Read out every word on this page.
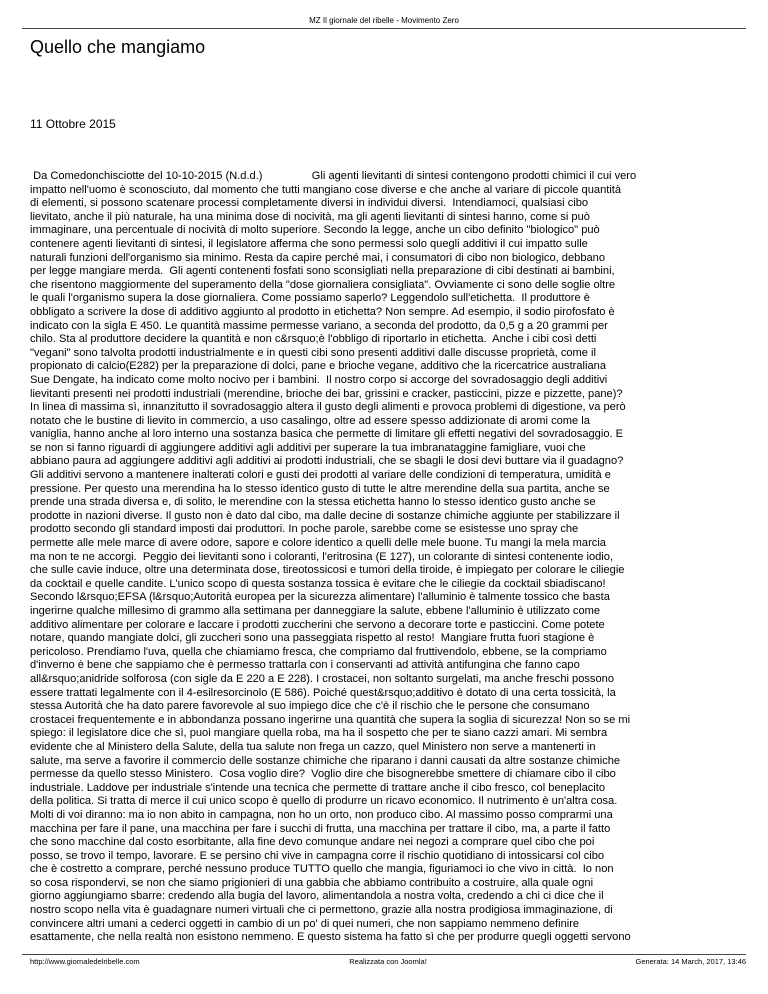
MZ Il giornale del ribelle - Movimento Zero
Quello che mangiamo
11 Ottobre 2015
Da Comedonchisciotte del 10-10-2015 (N.d.d.)                Gli agenti lievitanti di sintesi contengono prodotti chimici il cui vero
impatto nell'uomo è sconosciuto, dal momento che tutti mangiano cose diverse e che anche al variare di piccole quantità
di elementi, si possono scatenare processi completamente diversi in individui diversi.  Intendiamoci, qualsiasi cibo
lievitato, anche il più naturale, ha una minima dose di nocività, ma gli agenti lievitanti di sintesi hanno, come si può
immaginare, una percentuale di nocività di molto superiore. Secondo la legge, anche un cibo definito "biologico" può
contenere agenti lievitanti di sintesi, il legislatore afferma che sono permessi solo quegli additivi il cui impatto sulle
naturali funzioni dell'organismo sia minimo. Resta da capire perché mai, i consumatori di cibo non biologico, debbano
per legge mangiare merda.  Gli agenti contenenti fosfati sono sconsigliati nella preparazione di cibi destinati ai bambini,
che risentono maggiormente del superamento della "dose giornaliera consigliata". Ovviamente ci sono delle soglie oltre
le quali l'organismo supera la dose giornaliera. Come possiamo saperlo? Leggendolo sull'etichetta.  Il produttore è
obbligato a scrivere la dose di additivo aggiunto al prodotto in etichetta? Non sempre. Ad esempio, il sodio pirofosfato è
indicato con la sigla E 450. Le quantità massime permesse variano, a seconda del prodotto, da 0,5 g a 20 grammi per
chilo. Sta al produttore decidere la quantità e non c&rsquo;è l'obbligo di riportarlo in etichetta.  Anche i cibi così detti
"vegani" sono talvolta prodotti industrialmente e in questi cibi sono presenti additivi dalle discusse proprietà, come il
propionato di calcio(E282) per la preparazione di dolci, pane e brioche vegane, additivo che la ricercatrice australiana
Sue Dengate, ha indicato come molto nocivo per i bambini.  Il nostro corpo si accorge del sovradosaggio degli additivi
lievitanti presenti nei prodotti industriali (merendine, brioche dei bar, grissini e cracker, pasticcini, pizze e pizzette, pane)?
In linea di massima sì, innanzitutto il sovradosaggio altera il gusto degli alimenti e provoca problemi di digestione, va però
notato che le bustine di lievito in commercio, a uso casalingo, oltre ad essere spesso addizionate di aromi come la
vaniglia, hanno anche al loro interno una sostanza basica che permette di limitare gli effetti negativi del sovradosaggio. E
se non si fanno riguardi di aggiungere additivi agli additivi per superare la tua imbranataggine famigliare, vuoi che
abbiano paura ad aggiungere additivi agli additivi ai prodotti industriali, che se sbagli le dosi devi buttare via il guadagno?
Gli additivi servono a mantenere inalterati colori e gusti dei prodotti al variare delle condizioni di temperatura, umidità e
pressione. Per questo una merendina ha lo stesso identico gusto di tutte le altre merendine della sua partita, anche se
prende una strada diversa e, di solito, le merendine con la stessa etichetta hanno lo stesso identico gusto anche se
prodotte in nazioni diverse. Il gusto non è dato dal cibo, ma dalle decine di sostanze chimiche aggiunte per stabilizzare il
prodotto secondo gli standard imposti dai produttori. In poche parole, sarebbe come se esistesse uno spray che
permette alle mele marce di avere odore, sapore e colore identico a quelli delle mele buone. Tu mangi la mela marcia
ma non te ne accorgi.  Peggio dei lievitanti sono i coloranti, l'eritrosina (E 127), un colorante di sintesi contenente iodio,
che sulle cavie induce, oltre una determinata dose, tireotossicosi e tumori della tiroide, è impiegato per colorare le ciliegie
da cocktail e quelle candite. L'unico scopo di questa sostanza tossica è evitare che le ciliegie da cocktail sbiadiscano!
Secondo l&rsquo;EFSA (l&rsquo;Autorità europea per la sicurezza alimentare) l'alluminio è talmente tossico che basta
ingerirne qualche millesimo di grammo alla settimana per danneggiare la salute, ebbene l'alluminio è utilizzato come
additivo alimentare per colorare e laccare i prodotti zuccherini che servono a decorare torte e pasticcini. Come potete
notare, quando mangiate dolci, gli zuccheri sono una passeggiata rispetto al resto!  Mangiare frutta fuori stagione è
pericoloso. Prendiamo l'uva, quella che chiamiamo fresca, che compriamo dal fruttivendolo, ebbene, se la compriamo
d'inverno è bene che sappiamo che è permesso trattarla con i conservanti ad attività antifungina che fanno capo
all&rsquo;anidride solforosa (con sigle da E 220 a E 228). I crostacei, non soltanto surgelati, ma anche freschi possono
essere trattati legalmente con il 4-esilresorcinolo (E 586). Poiché quest&rsquo;additivo è dotato di una certa tossicità, la
stessa Autorità che ha dato parere favorevole al suo impiego dice che c'è il rischio che le persone che consumano
crostacei frequentemente e in abbondanza possano ingerirne una quantità che supera la soglia di sicurezza! Non so se mi
spiego: il legislatore dice che sì, puoi mangiare quella roba, ma ha il sospetto che per te siano cazzi amari. Mi sembra
evidente che al Ministero della Salute, della tua salute non frega un cazzo, quel Ministero non serve a mantenerti in
salute, ma serve a favorire il commercio delle sostanze chimiche che riparano i danni causati da altre sostanze chimiche
permesse da quello stesso Ministero.  Cosa voglio dire?  Voglio dire che bisognerebbe smettere di chiamare cibo il cibo
industriale. Laddove per industriale s'intende una tecnica che permette di trattare anche il cibo fresco, col beneplacito
della politica. Si tratta di merce il cui unico scopo è quello di produrre un ricavo economico. Il nutrimento è un'altra cosa.
Molti di voi diranno: ma io non abito in campagna, non ho un orto, non produco cibo. Al massimo posso comprarmi una
macchina per fare il pane, una macchina per fare i succhi di frutta, una macchina per trattare il cibo, ma, a parte il fatto
che sono macchine dal costo esorbitante, alla fine devo comunque andare nei negozi a comprare quel cibo che poi
posso, se trovo il tempo, lavorare. E se persino chi vive in campagna corre il rischio quotidiano di intossicarsi col cibo
che è costretto a comprare, perché nessuno produce TUTTO quello che mangia, figuriamoci io che vivo in città.  Io non
so cosa rispondervi, se non che siamo prigionieri di una gabbia che abbiamo contribuito a costruire, alla quale ogni
giorno aggiungiamo sbarre: credendo alla bugia del lavoro, alimentandola a nostra volta, credendo a chi ci dice che il
nostro scopo nella vita è guadagnare numeri virtuali che ci permettono, grazie alla nostra prodigiosa immaginazione, di
convincere altri umani a cederci oggetti in cambio di un po' di quei numeri, che non sappiamo nemmeno definire
esattamente, che nella realtà non esistono nemmeno. E questo sistema ha fatto sì che per produrre quegli oggetti servono
http://www.giornaledelribelle.com	Realizzata con Joomla!	Generata: 14 March, 2017, 13:46
